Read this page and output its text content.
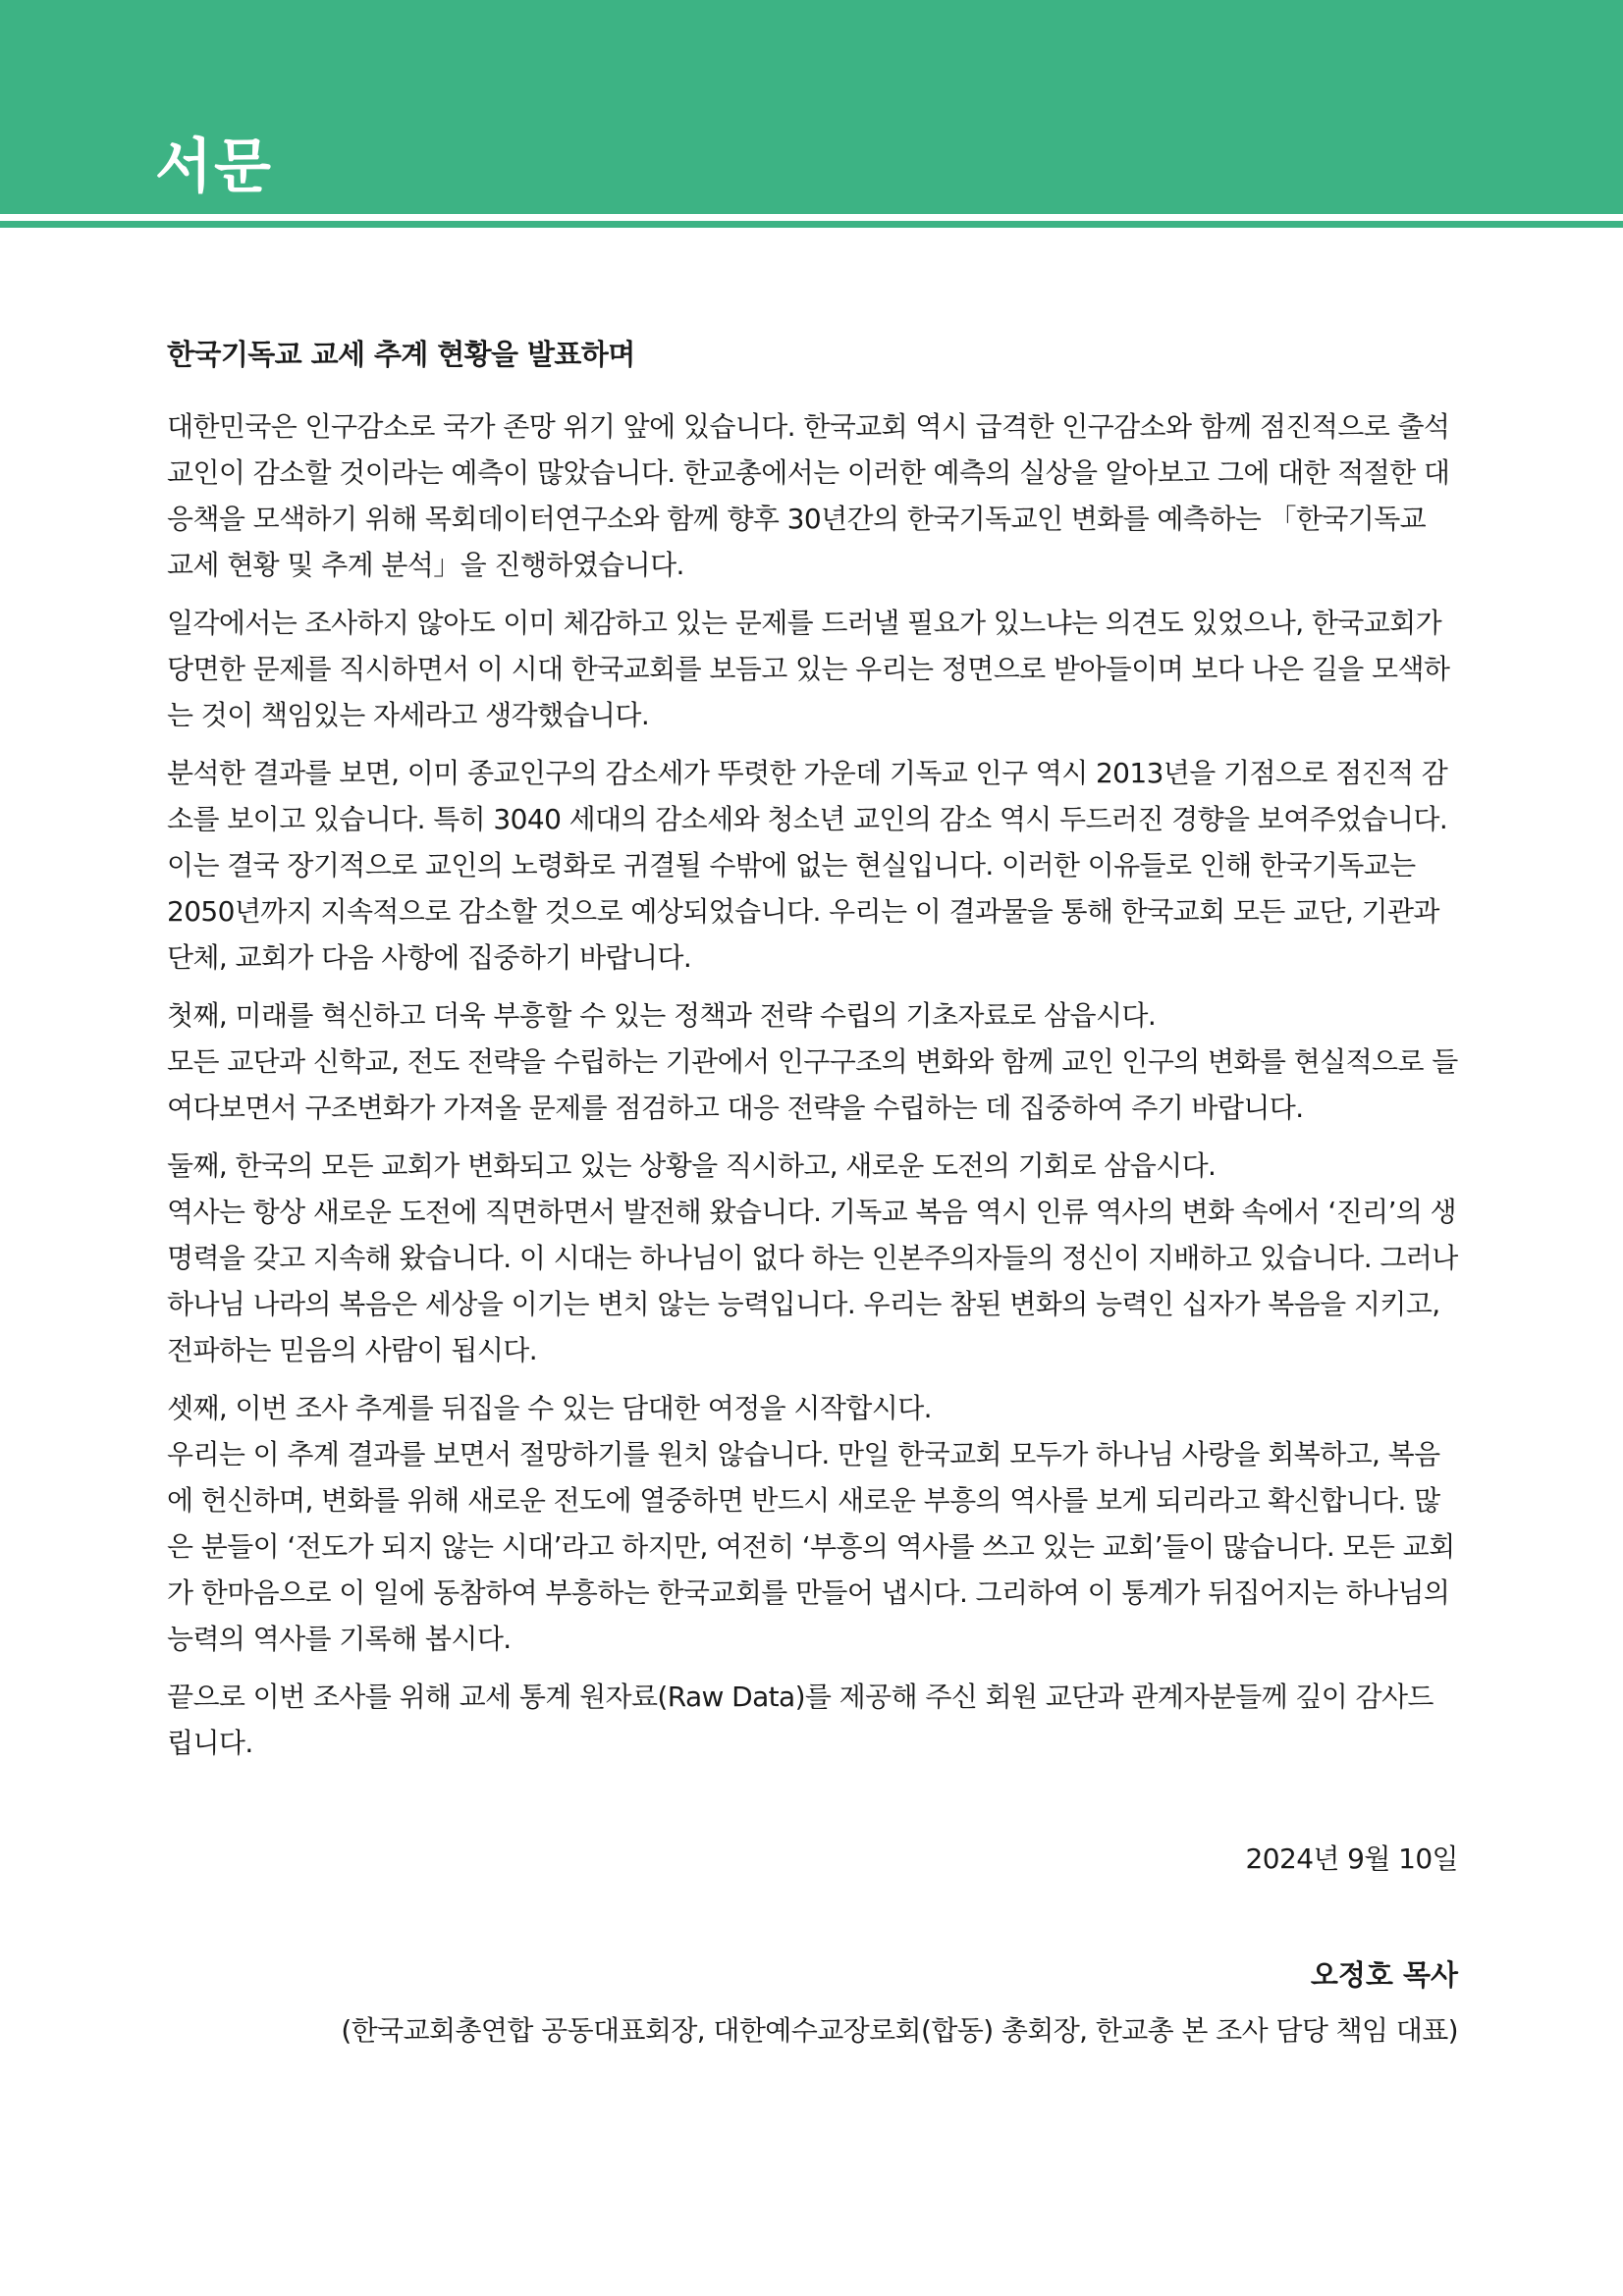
서문
한국기독교 교세 추계 현황을 발표하며

대한민국은 인구감소로 국가 존망 위기 앞에 있습니다. 한국교회 역시 급격한 인구감소와 함께 점진적으로 출석 교인이 감소할 것이라는 예측이 많았습니다. 한교총에서는 이러한 예측의 실상을 알아보고 그에 대한 적절한 대응책을 모색하기 위해 목회데이터연구소와 함께 향후 30년간의 한국기독교인 변화를 예측하는 「한국기독교 교세 현황 및 추계 분석」을 진행하였습니다.

일각에서는 조사하지 않아도 이미 체감하고 있는 문제를 드러낼 필요가 있느냐는 의견도 있었으나, 한국교회가 당면한 문제를 직시하면서 이 시대 한국교회를 보듬고 있는 우리는 정면으로 받아들이며 보다 나은 길을 모색하는 것이 책임있는 자세라고 생각했습니다.

분석한 결과를 보면, 이미 종교인구의 감소세가 뚜렷한 가운데 기독교 인구 역시 2013년을 기점으로 점진적 감소를 보이고 있습니다. 특히 3040 세대의 감소세와 청소년 교인의 감소 역시 두드러진 경향을 보여주었습니다. 이는 결국 장기적으로 교인의 노령화로 귀결될 수밖에 없는 현실입니다. 이러한 이유들로 인해 한국기독교는 2050년까지 지속적으로 감소할 것으로 예상되었습니다. 우리는 이 결과물을 통해 한국교회 모든 교단, 기관과 단체, 교회가 다음 사항에 집중하기 바랍니다.

첫째, 미래를 혁신하고 더욱 부흥할 수 있는 정책과 전략 수립의 기초자료로 삼읍시다.

모든 교단과 신학교, 전도 전략을 수립하는 기관에서 인구구조의 변화와 함께 교인 인구의 변화를 현실적으로 들여다보면서 구조변화가 가져올 문제를 점검하고 대응 전략을 수립하는 데 집중하여 주기 바랍니다.

둘째, 한국의 모든 교회가 변화되고 있는 상황을 직시하고, 새로운 도전의 기회로 삼읍시다.

역사는 항상 새로운 도전에 직면하면서 발전해 왔습니다. 기독교 복음 역시 인류 역사의 변화 속에서 ‘진리’의 생명력을 갖고 지속해 왔습니다. 이 시대는 하나님이 없다 하는 인본주의자들의 정신이 지배하고 있습니다. 그러나 하나님 나라의 복음은 세상을 이기는 변치 않는 능력입니다. 우리는 참된 변화의 능력인 십자가 복음을 지키고, 전파하는 믿음의 사람이 됩시다.

셋째, 이번 조사 추계를 뒤집을 수 있는 담대한 여정을 시작합시다.

우리는 이 추계 결과를 보면서 절망하기를 원치 않습니다. 만일 한국교회 모두가 하나님 사랑을 회복하고, 복음에 헌신하며, 변화를 위해 새로운 전도에 열중하면 반드시 새로운 부흥의 역사를 보게 되리라고 확신합니다. 많은 분들이 ‘전도가 되지 않는 시대’라고 하지만, 여전히 ‘부흥의 역사를 쓰고 있는 교회’들이 많습니다. 모든 교회가 한마음으로 이 일에 동참하여 부흥하는 한국교회를 만들어 냅시다. 그리하여 이 통계가 뒤집어지는 하나님의 능력의 역사를 기록해 봅시다.

끝으로 이번 조사를 위해 교세 통계 원자료(Raw Data)를 제공해 주신 회원 교단과 관계자분들께 깊이 감사드립니다.

2024년 9월 10일

오정호 목사

(한국교회총연합 공동대표회장, 대한예수교장로회(합동) 총회장, 한교총 본 조사 담당 책임 대표)
